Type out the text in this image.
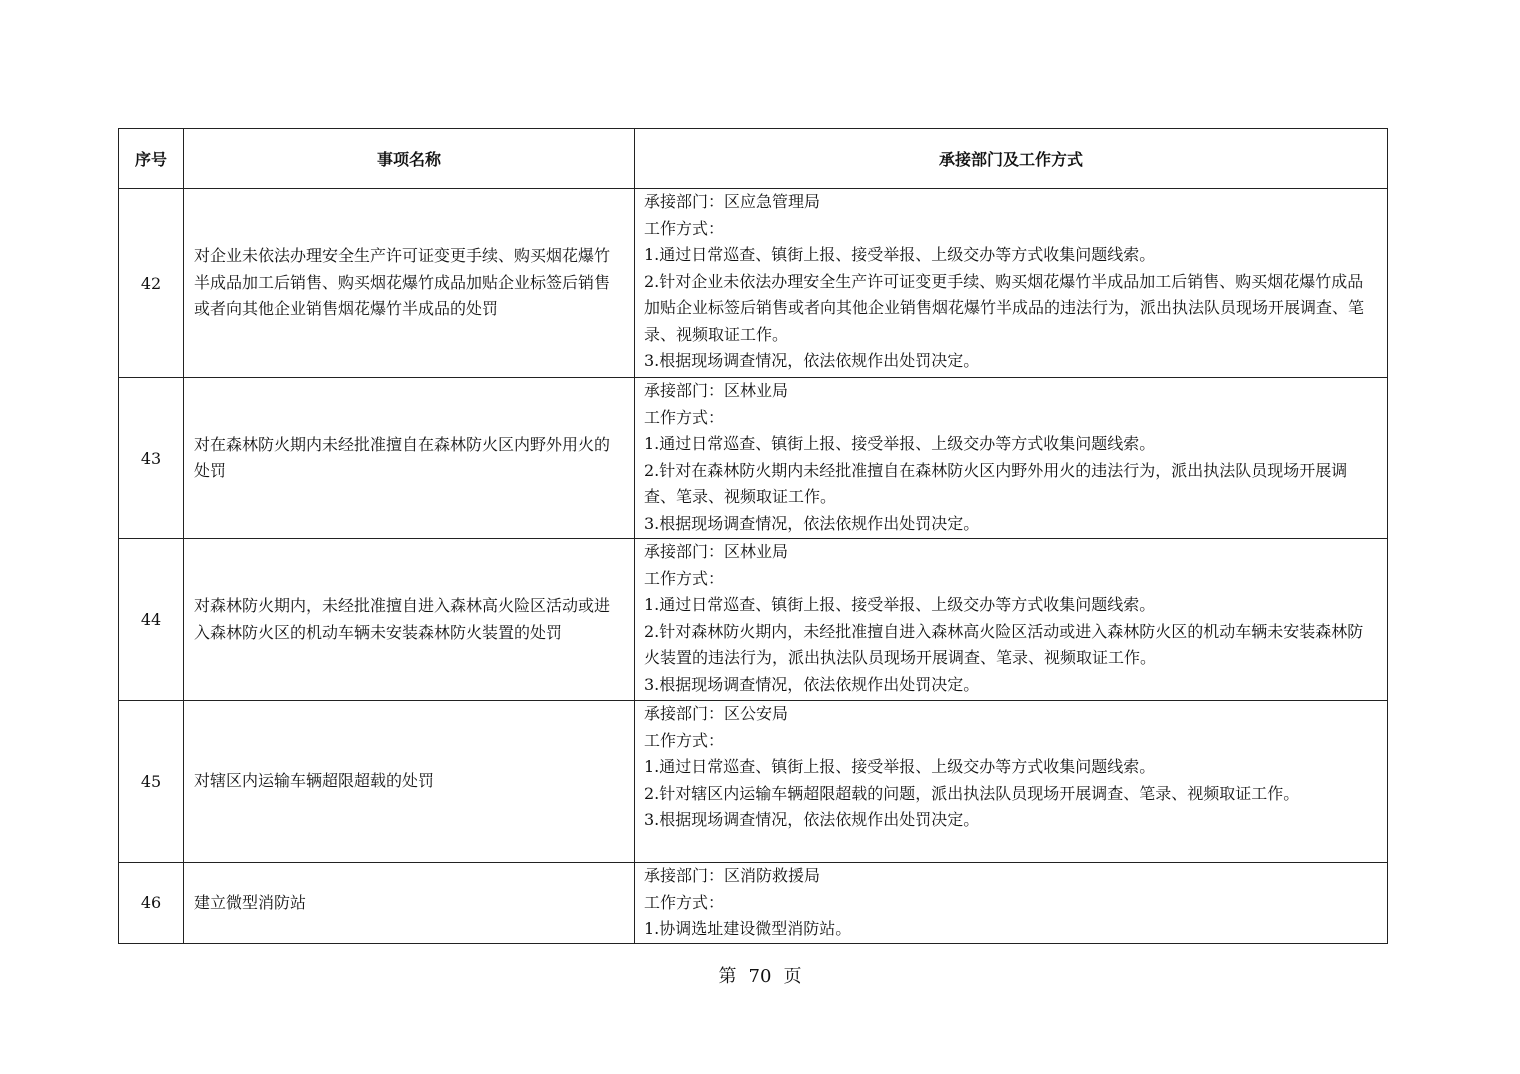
序号	事项名称	承接部门及工作方式
42	对企业未依法办理安全生产许可证变更手续、购买烟花爆竹半成品加工后销售、购买烟花爆竹成品加贴企业标签后销售或者向其他企业销售烟花爆竹半成品的处罚	承接部门：区应急管理局
工作方式：
1.通过日常巡查、镇街上报、接受举报、上级交办等方式收集问题线索。
2.针对企业未依法办理安全生产许可证变更手续、购买烟花爆竹半成品加工后销售、购买烟花爆竹成品加贴企业标签后销售或者向其他企业销售烟花爆竹半成品的违法行为，派出执法队员现场开展调查、笔录、视频取证工作。
3.根据现场调查情况，依法依规作出处罚决定。

43	对在森林防火期内未经批准擅自在森林防火区内野外用火的处罚	承接部门：区林业局
工作方式：
1.通过日常巡查、镇街上报、接受举报、上级交办等方式收集问题线索。
2.针对在森林防火期内未经批准擅自在森林防火区内野外用火的违法行为，派出执法队员现场开展调查、笔录、视频取证工作。
3.根据现场调查情况，依法依规作出处罚决定。

44	对森林防火期内，未经批准擅自进入森林高火险区活动或进入森林防火区的机动车辆未安装森林防火装置的处罚	承接部门：区林业局
工作方式：
1.通过日常巡查、镇街上报、接受举报、上级交办等方式收集问题线索。
2.针对森林防火期内，未经批准擅自进入森林高火险区活动或进入森林防火区的机动车辆未安装森林防火装置的违法行为，派出执法队员现场开展调查、笔录、视频取证工作。
3.根据现场调查情况，依法依规作出处罚决定。

45	对辖区内运输车辆超限超载的处罚	承接部门：区公安局
工作方式：
1.通过日常巡查、镇街上报、接受举报、上级交办等方式收集问题线索。
2.针对辖区内运输车辆超限超载的问题，派出执法队员现场开展调查、笔录、视频取证工作。
3.根据现场调查情况，依法依规作出处罚决定。

46	建立微型消防站	承接部门：区消防救援局
工作方式：
1.协调选址建设微型消防站。
第 70 页
